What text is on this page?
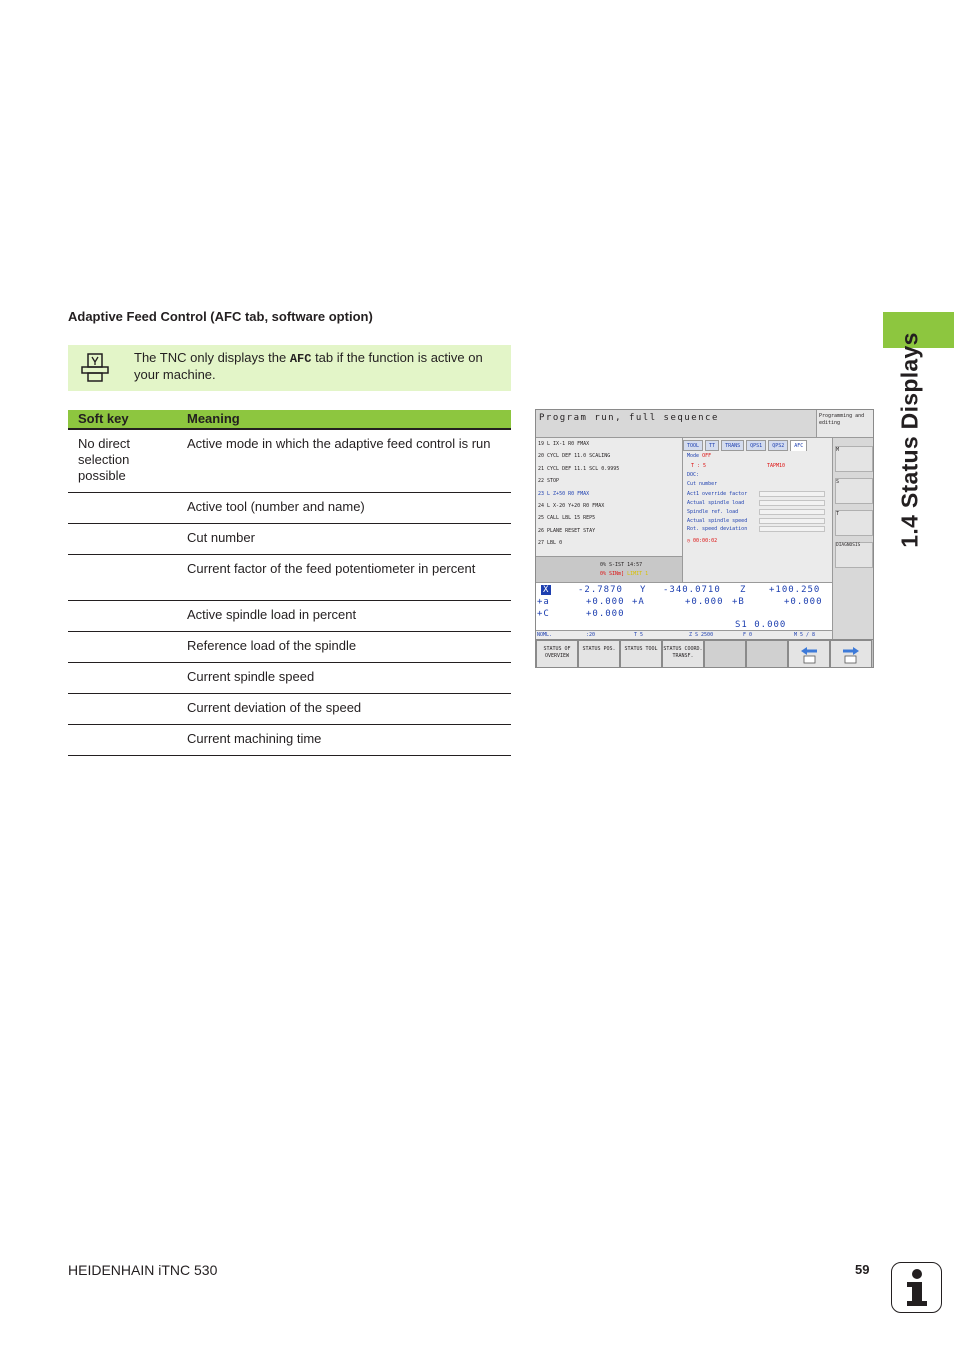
1.4 Status Displays
Adaptive Feed Control (AFC tab, software option)
The TNC only displays the AFC tab if the function is active on your machine.
Soft key	Meaning
No direct selection possible	Active mode in which the adaptive feed control is run
	Active tool (number and name)
	Cut number
	Current factor of the feed potentiometer in percent
	Active spindle load in percent
	Reference load of the spindle
	Current spindle speed
	Current deviation of the speed
	Current machining time
Program run, full sequence	Programming and editing
19 L IX-1 R0 FMAX
20 CYCL DEF 11.0 SCALING
21 CYCL DEF 11.1 SCL 0.9995
22 STOP
23 L Z+50 R0 FMAX
24 L X-20 Y+20 R0 FMAX
25 CALL LBL 15 REP5
26 PLANE RESET STAY
27 LBL 0
0% S-IST 14:57
0% SINm] LIMIT 1
TOOL	TT	TRANS	QPS1	QPS2	AFC
Mode OFF
T : 5	TAPM10
DOC:
Cut number
Act1 override factor
Actual spindle load
Spindle ref. load
Actual spindle speed
Rot. speed deviation
◷ 00:00:02
M
S
T
DIAGNOSIS
X	-2.7870 Y -340.0710 Z	+100.250
+a	+0.000 +A	+0.000 +B	+0.000
+C	+0.000
S1 0.000
NOML.	:20	T 5	Z S 2500	F 0	M 5 / 8
STATUS OF OVERVIEW
STATUS POS.	STATUS TOOL	STATUS COORD. TRANSF.
HEIDENHAIN iTNC 530	59
